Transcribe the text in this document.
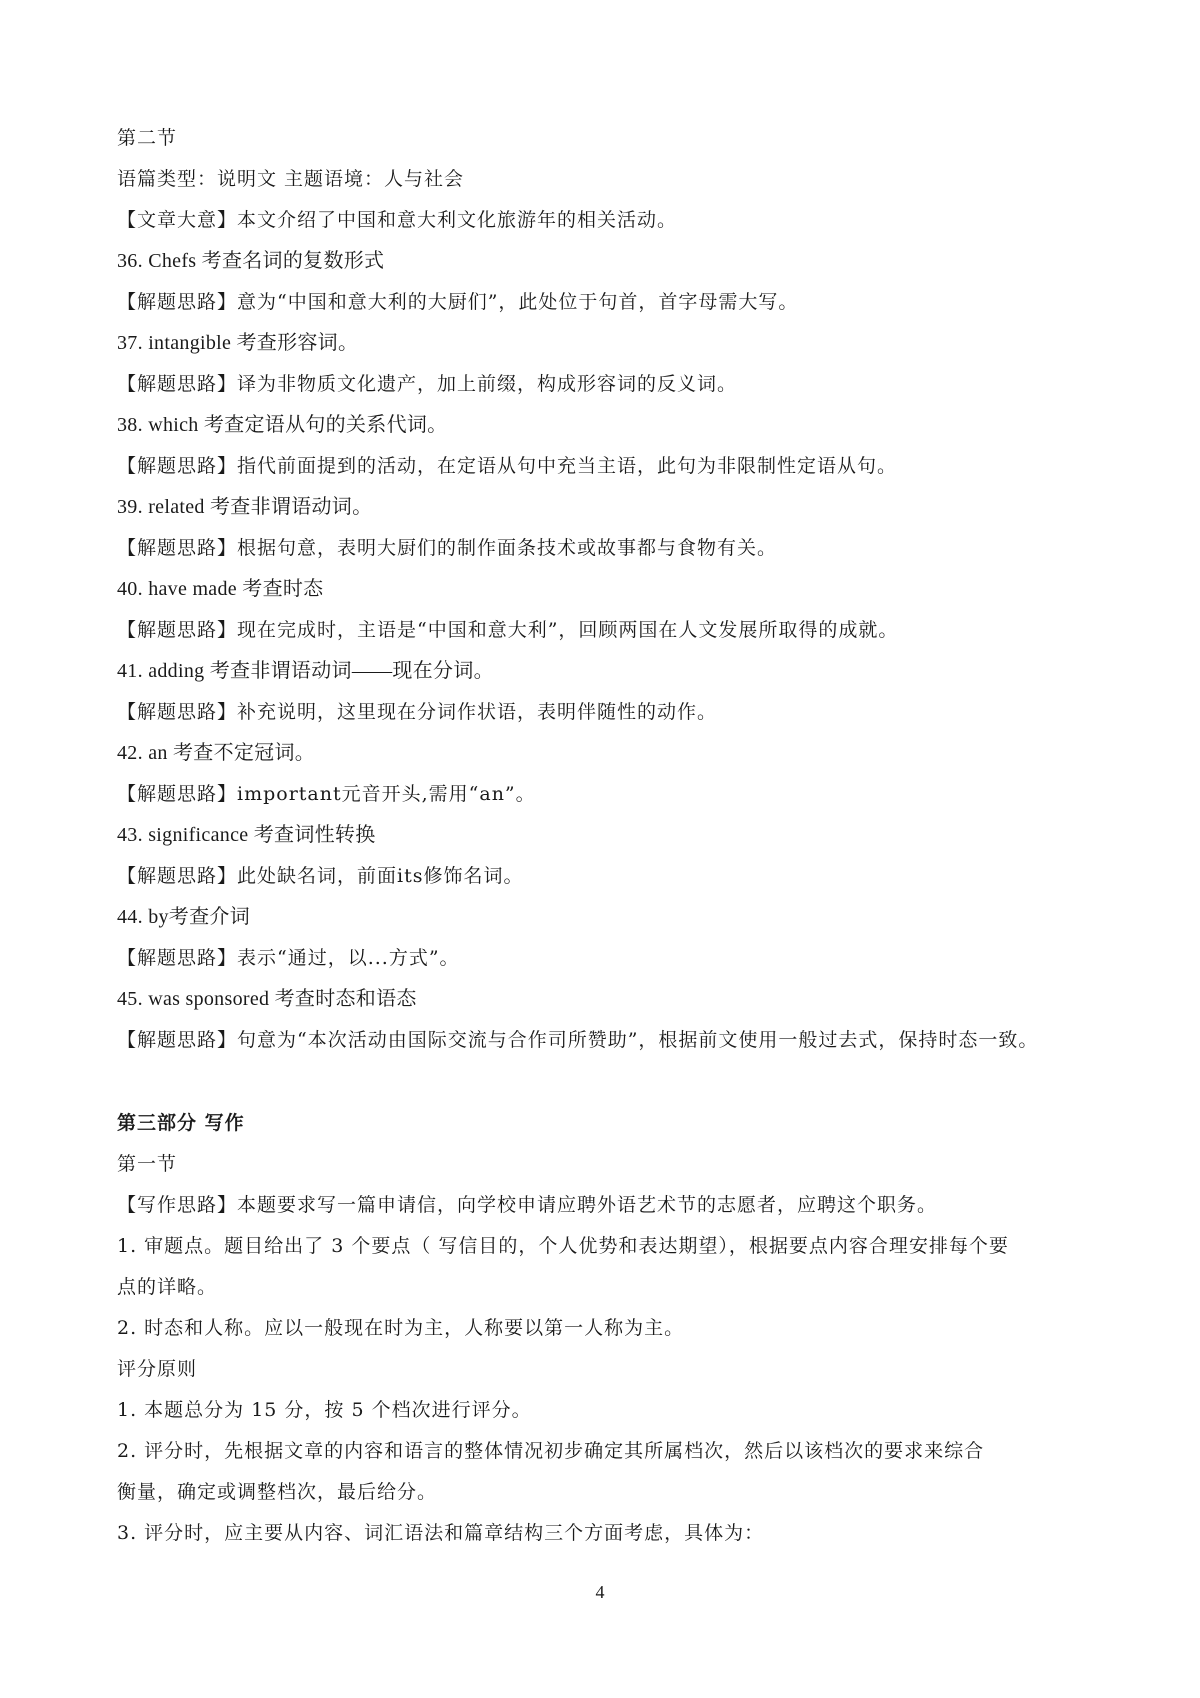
第二节
语篇类型：说明文 主题语境：人与社会
【文章大意】本文介绍了中国和意大利文化旅游年的相关活动。
36. Chefs 考查名词的复数形式
【解题思路】意为“中国和意大利的大厨们”，此处位于句首，首字母需大写。
37. intangible 考查形容词。
【解题思路】译为非物质文化遗产，加上前缀，构成形容词的反义词。
38. which 考查定语从句的关系代词。
【解题思路】指代前面提到的活动，在定语从句中充当主语，此句为非限制性定语从句。
39. related 考查非谓语动词。
【解题思路】根据句意，表明大厨们的制作面条技术或故事都与食物有关。
40. have made 考查时态
【解题思路】现在完成时，主语是“中国和意大利”，回顾两国在人文发展所取得的成就。
41. adding 考查非谓语动词——现在分词。
【解题思路】补充说明，这里现在分词作状语，表明伴随性的动作。
42. an 考查不定冠词。
【解题思路】important元音开头,需用“an”。
43. significance 考查词性转换
【解题思路】此处缺名词，前面its修饰名词。
44. by考查介词
【解题思路】表示“通过，以...方式”。
45. was sponsored 考查时态和语态
【解题思路】句意为“本次活动由国际交流与合作司所赞助”，根据前文使用一般过去式，保持时态一致。
第三部分 写作
第一节
【写作思路】本题要求写一篇申请信，向学校申请应聘外语艺术节的志愿者，应聘这个职务。
1. 审题点。题目给出了 3 个要点（ 写信目的，个人优势和表达期望），根据要点内容合理安排每个要
点的详略。
2. 时态和人称。应以一般现在时为主，人称要以第一人称为主。
评分原则
1. 本题总分为 15 分，按 5 个档次进行评分。
2. 评分时，先根据文章的内容和语言的整体情况初步确定其所属档次，然后以该档次的要求来综合
衡量，确定或调整档次，最后给分。
3. 评分时，应主要从内容、词汇语法和篇章结构三个方面考虑，具体为：
4
